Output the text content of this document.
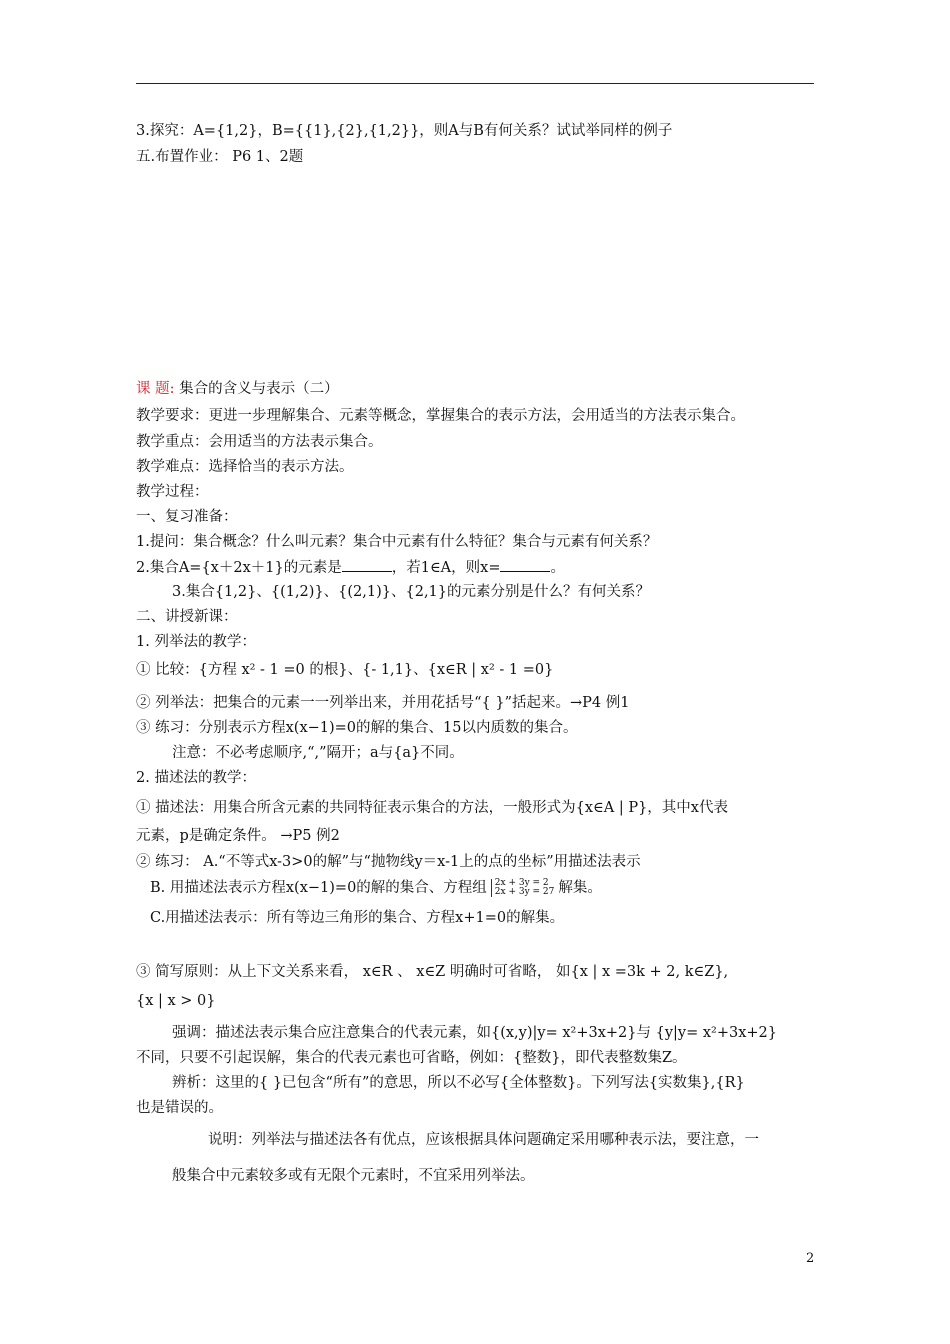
3.探究：A={1,2}，B={{1},{2},{1,2}}，则A与B有何关系？试试举同样的例子
五.布置作业： P6 1、2题
课 题: 集合的含义与表示（二）
教学要求：更进一步理解集合、元素等概念，掌握集合的表示方法，会用适当的方法表示集合。
教学重点：会用适当的方法表示集合。
教学难点：选择恰当的表示方法。
教学过程：
一、复习准备：
1.提问：集合概念？什么叫元素？集合中元素有什么特征？集合与元素有何关系？
2.集合A={x＋2x＋1}的元素是	，若1∈A，则x=	。
3.集合{1,2}、{(1,2)}、{(2,1)}、{2,1}的元素分别是什么？有何关系？
二、讲授新课：
1. 列举法的教学：
① 比较：{方程 x² - 1 =0 的根}、{- 1,1}、{x∈R | x² - 1 =0}
② 列举法：把集合的元素一一列举出来，并用花括号“{ }”括起来。→P4 例1
③ 练习：分别表示方程x(x−1)=0的解的集合、15以内质数的集合。
注意：不必考虑顺序,“,”隔开；a与{a}不同。
2. 描述法的教学：
① 描述法：用集合所含元素的共同特征表示集合的方法，一般形式为{x∈A | P}，其中x代表
元素，p是确定条件。 →P5 例2
② 练习： A.“不等式x-3>0的解”与“抛物线y＝x-1上的点的坐标”用描述法表示
B. 用描述法表示方程x(x−1)=0的解的集合、方程组 2x + 3y = 2
2x + 3y = 27 解集。
C.用描述法表示：所有等边三角形的集合、方程x+1=0的解集。
③ 简写原则：从上下文关系来看， x∈R 、 x∈Z 明确时可省略， 如{x | x =3k + 2, k∈Z},
{x | x > 0}
强调：描述法表示集合应注意集合的代表元素，如{(x,y)|y= x²+3x+2}与 {y|y= x²+3x+2}
不同，只要不引起误解，集合的代表元素也可省略，例如：{整数}，即代表整数集Z。
辨析：这里的{ }已包含“所有”的意思，所以不必写{全体整数}。下列写法{实数集},{R}
也是错误的。
说明：列举法与描述法各有优点，应该根据具体问题确定采用哪种表示法，要注意，一
般集合中元素较多或有无限个元素时，不宜采用列举法。
2
